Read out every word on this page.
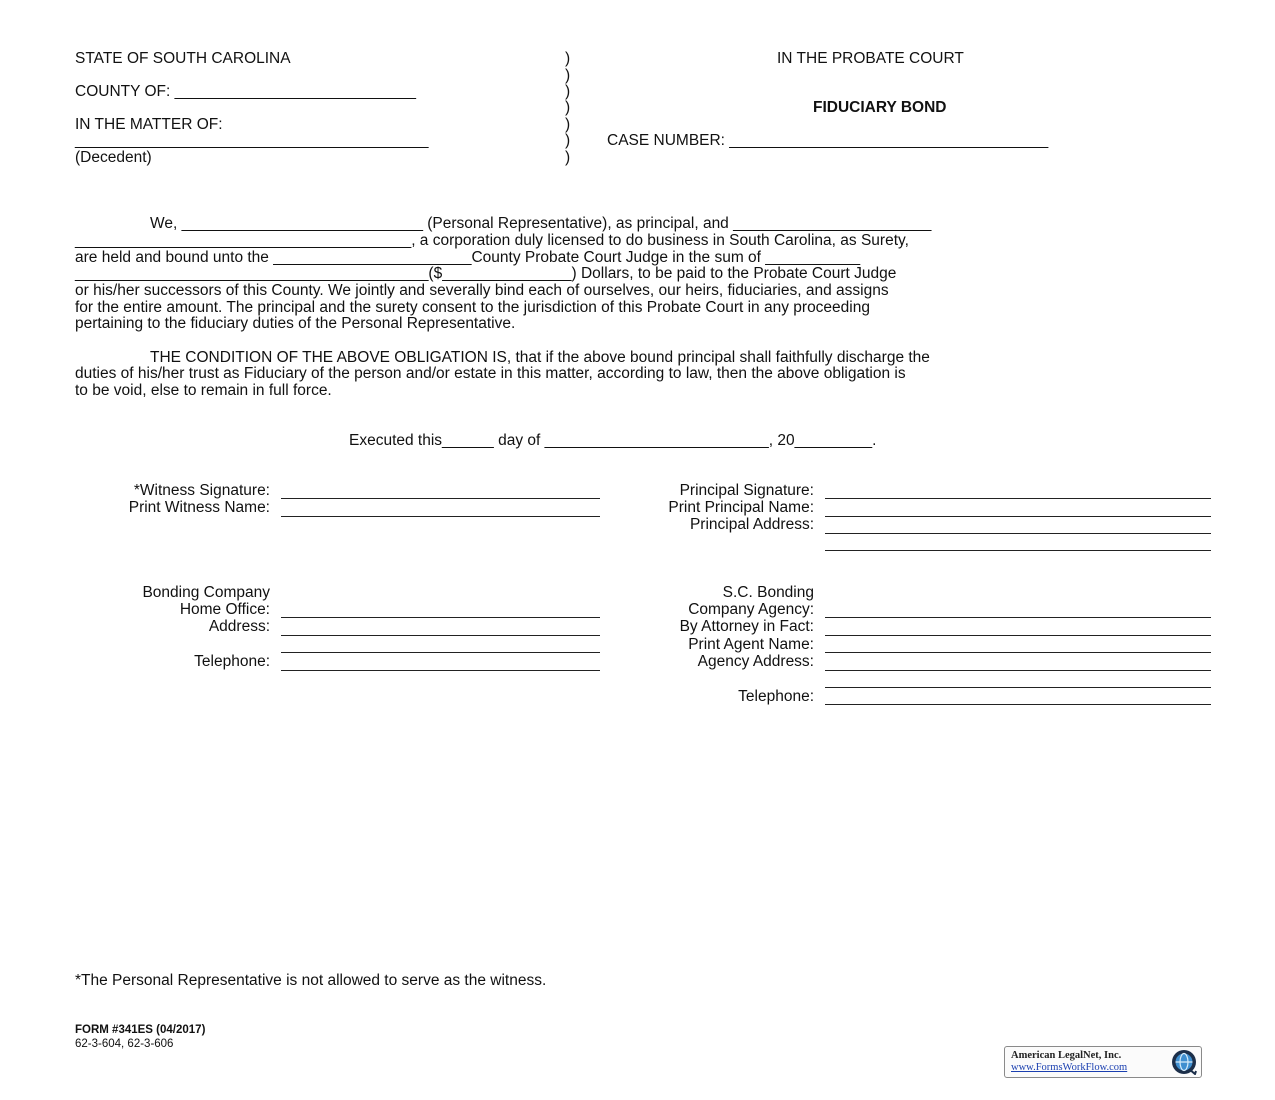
STATE OF SOUTH CAROLINA
COUNTY OF: ____________________________
IN THE MATTER OF:
_________________________________________
(Decedent)
)
)
)
)
)
)
)
IN THE PROBATE COURT
FIDUCIARY BOND
CASE NUMBER: _____________________________________
We, ____________________________ (Personal Representative), as principal, and _______________________
_______________________________________, a corporation duly licensed to do business in South Carolina, as Surety,
are held and bound unto the _______________________County Probate Court Judge in the sum of ___________
_________________________________________($_______________) Dollars, to be paid to the Probate Court Judge
or his/her successors of this County. We jointly and severally bind each of ourselves, our heirs, fiduciaries, and assigns
for the entire amount. The principal and the surety consent to the jurisdiction of this Probate Court in any proceeding
pertaining to the fiduciary duties of the Personal Representative.
THE CONDITION OF THE ABOVE OBLIGATION IS, that if the above bound principal shall faithfully discharge the
duties of his/her trust as Fiduciary of the person and/or estate in this matter, according to law, then the above obligation is
to be void, else to remain in full force.
Executed this______ day of __________________________, 20_________.
*Witness Signature:
Print Witness Name:
Bonding Company
Home Office:
Address:
Telephone:
Principal Signature:
Print Principal Name:
Principal Address:
S.C. Bonding
Company Agency:
By Attorney in Fact:
Print Agent Name:
Agency Address:
Telephone:
*The Personal Representative is not allowed to serve as the witness.
FORM #341ES (04/2017)
62-3-604, 62-3-606
American LegalNet, Inc.
www.FormsWorkFlow.com
